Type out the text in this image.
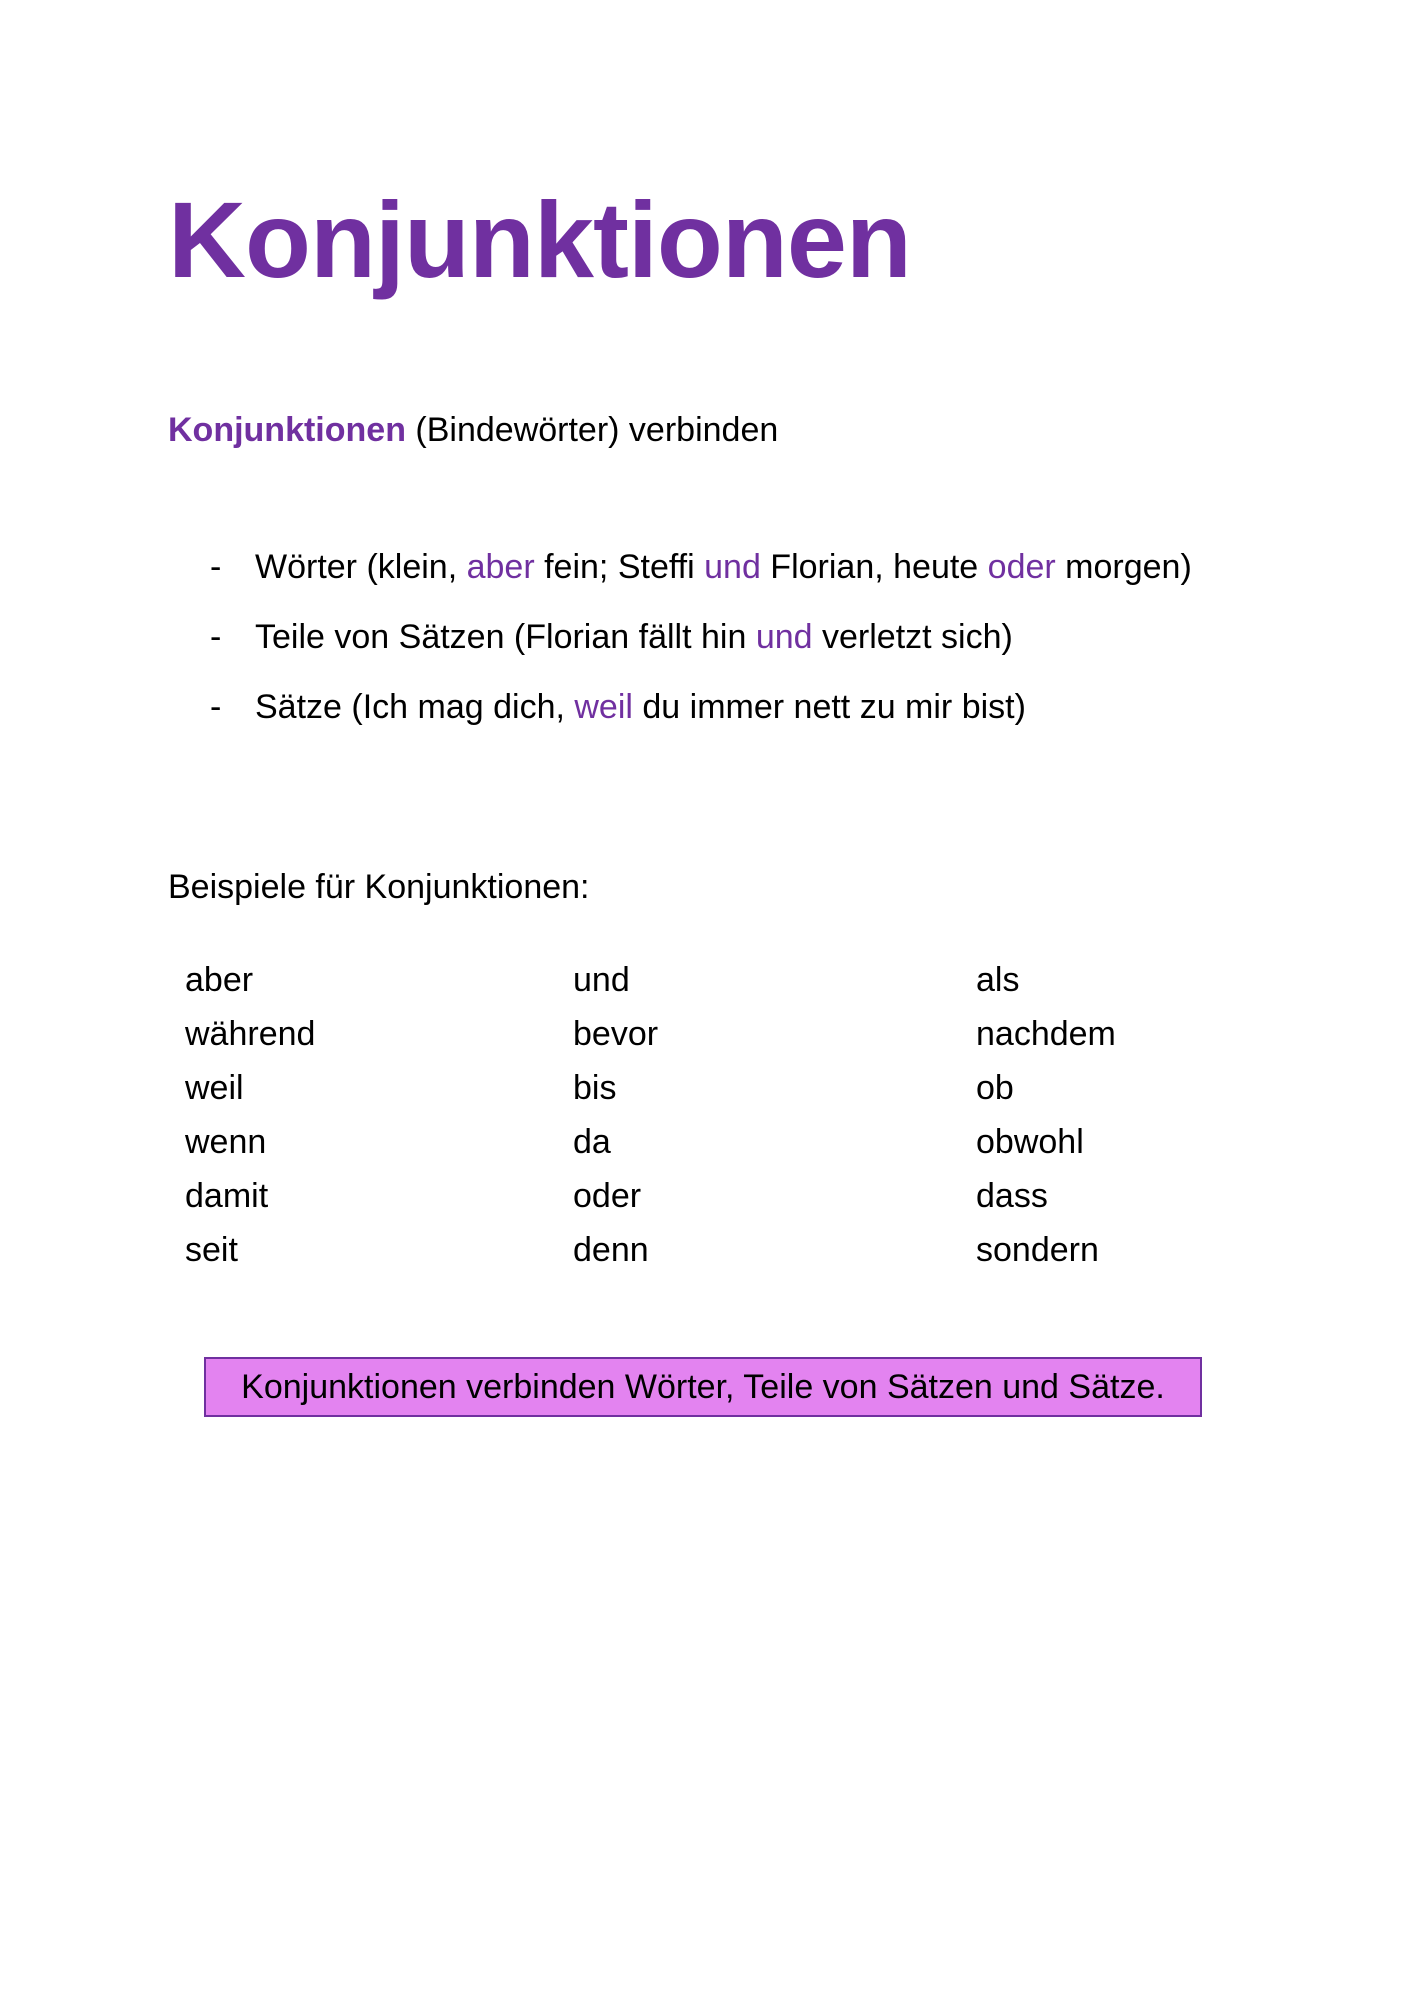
Konjunktionen

Konjunktionen (Bindewörter) verbinden

- Wörter (klein, aber fein; Steffi und Florian, heute oder morgen)
- Teile von Sätzen (Florian fällt hin und verletzt sich)
- Sätze (Ich mag dich, weil du immer nett zu mir bist)

Beispiele für Konjunktionen:

aber
während
weil
wenn
damit
seit
und
bevor
bis
da
oder
denn
als
nachdem
ob
obwohl
dass
sondern
Konjunktionen verbinden Wörter, Teile von Sätzen und Sätze.
